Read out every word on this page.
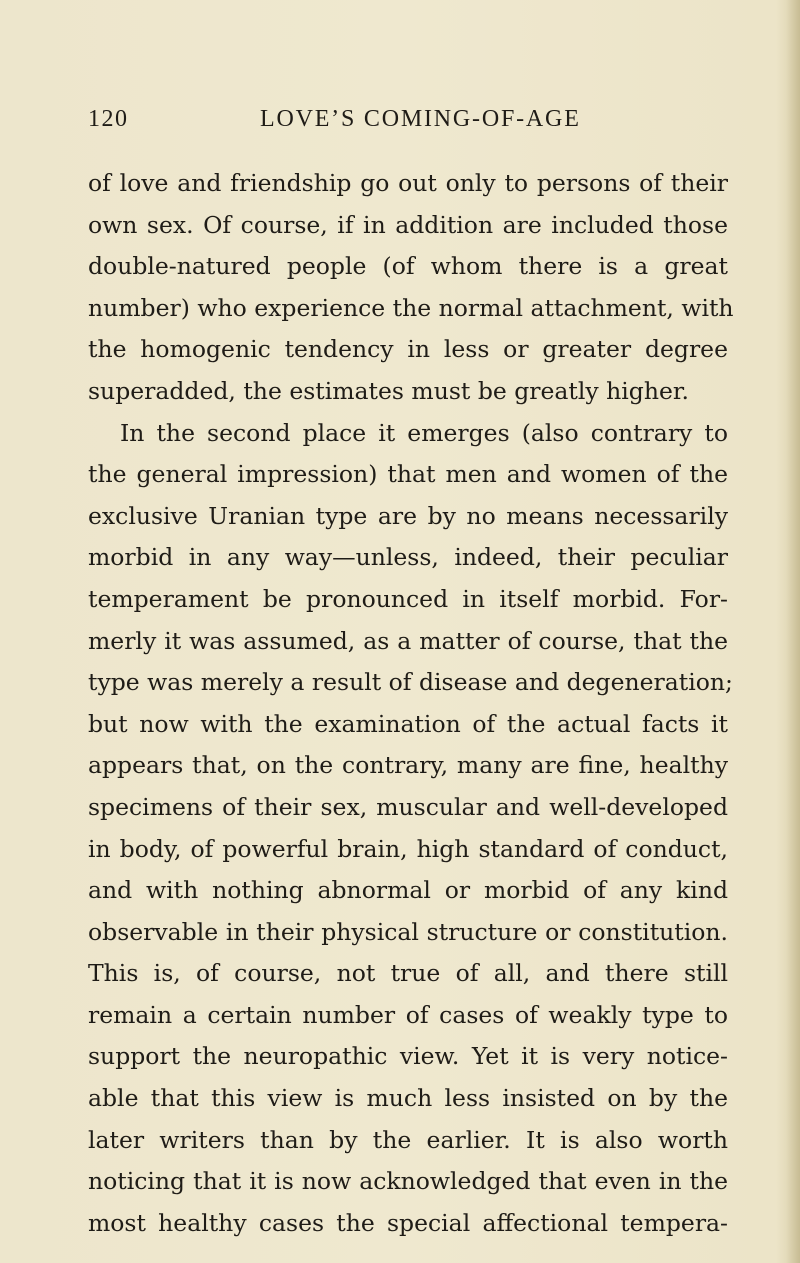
120	LOVE’S COMING-OF-AGE
of love and friendship go out only to persons of their
own sex. Of course, if in addition are included those
double-natured people (of whom there is a great
number) who experience the normal attachment, with
the homogenic tendency in less or greater degree
superadded, the estimates must be greatly higher.
In the second place it emerges (also contrary to
the general impression) that men and women of the
exclusive Uranian type are by no means necessarily
morbid in any way—unless, indeed, their peculiar
temperament be pronounced in itself morbid. For-
merly it was assumed, as a matter of course, that the
type was merely a result of disease and degeneration;
but now with the examination of the actual facts it
appears that, on the contrary, many are fine, healthy
specimens of their sex, muscular and well-developed
in body, of powerful brain, high standard of conduct,
and with nothing abnormal or morbid of any kind
observable in their physical structure or constitution.
This is, of course, not true of all, and there still
remain a certain number of cases of weakly type to
support the neuropathic view. Yet it is very notice-
able that this view is much less insisted on by the
later writers than by the earlier. It is also worth
noticing that it is now acknowledged that even in the
most healthy cases the special affectional tempera-
